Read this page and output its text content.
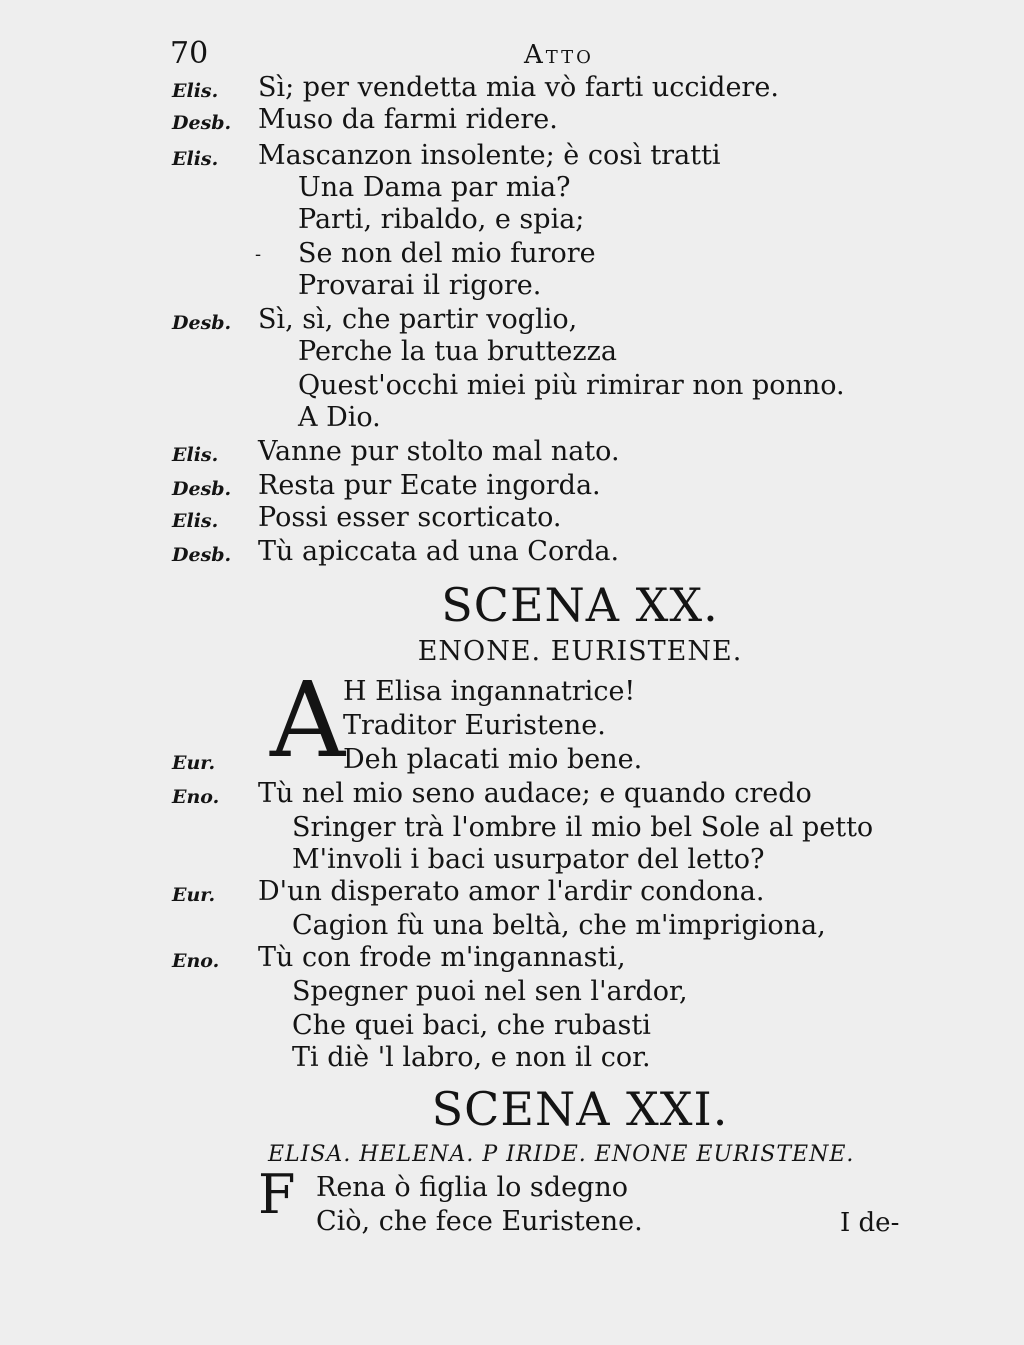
70	Atto
Elis. Sì; per vendetta mia vò farti uccidere.
Desb. Muso da farmi ridere.
Elis. Mascanzon insolente; è così tratti
Una Dama par mia?
Parti, ribaldo, e spia;
Se non del mio furore
Provarai il rigore.
Desb. Sì, sì, che partir voglio,
Perche la tua bruttezza
Quest'occhi miei più rimirar non ponno.
A Dio.
Elis. Vanne pur stolto mal nato.
Desb. Resta pur Ecate ingorda.
Elis. Possi esser scorticato.
Desb. Tù apiccata ad una Corda.
-
SCENA XX.
ENONE. EURISTENE.
A
H Elisa ingannatrice!
Traditor Euristene.
Eur.	Deh placati mio bene.
Eno. Tù nel mio seno audace; e quando credo
Sringer trà l'ombre il mio bel Sole al petto
M'involi i baci usurpator del letto?
Eur. D'un disperato amor l'ardir condona.
Cagion fù una beltà, che m'imprigiona,
Eno. Tù con frode m'ingannasti,
Spegner puoi nel sen l'ardor,
Che quei baci, che rubasti
Ti diè 'l labro, e non il cor.
SCENA XXI.
ELISA. HELENA. P IRIDE. ENONE EURISTENE.
F Rena ò figlia lo sdegno
Ciò, che fece Euristene.	I de-
